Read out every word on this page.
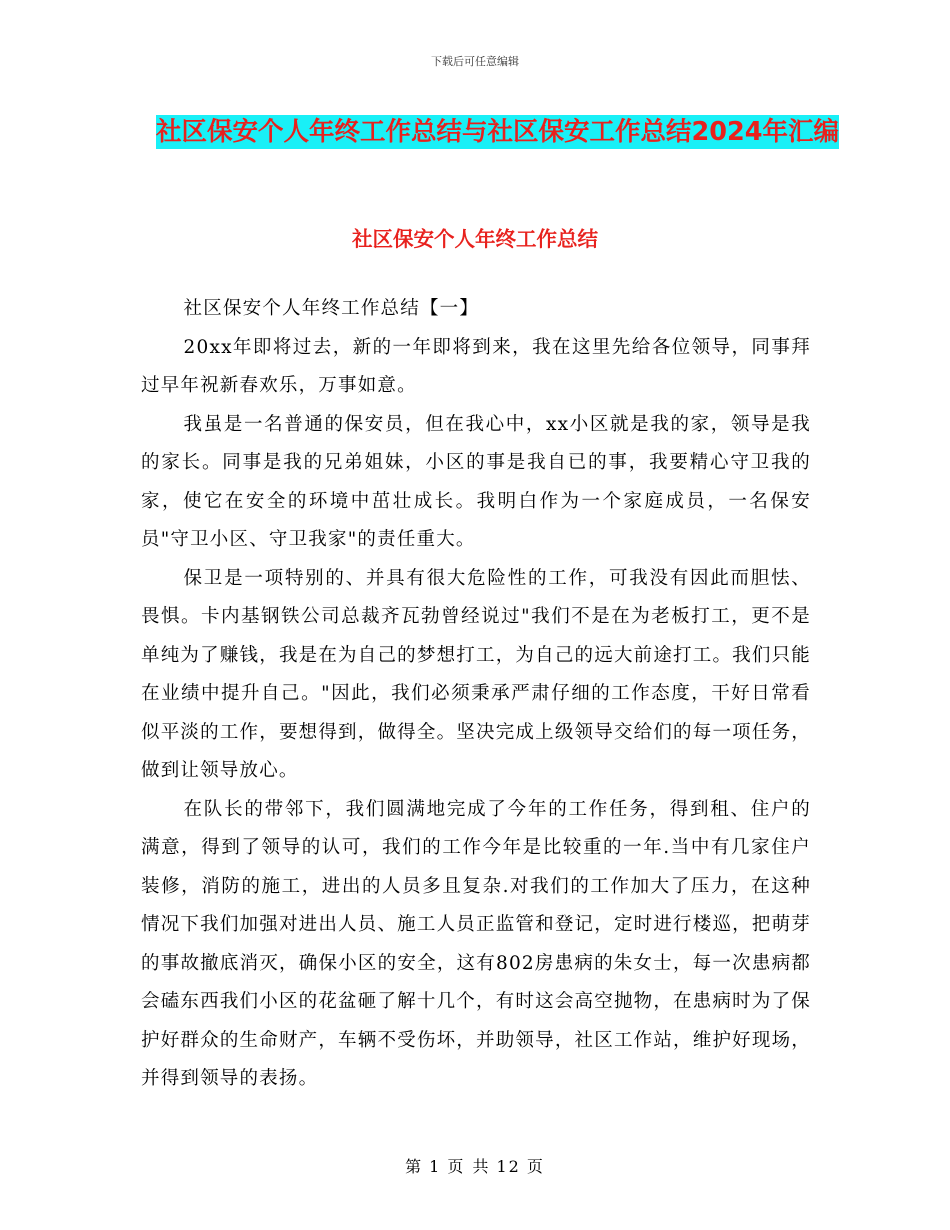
下载后可任意编辑
社区保安个人年终工作总结与社区保安工作总结2024年汇编
社区保安个人年终工作总结

社区保安个人年终工作总结【一】

20xx年即将过去，新的一年即将到来，我在这里先给各位领导，同事拜过早年祝新春欢乐，万事如意。

我虽是一名普通的保安员，但在我心中，xx小区就是我的家，领导是我的家长。同事是我的兄弟姐妹，小区的事是我自已的事，我要精心守卫我的家，使它在安全的环境中茁壮成长。我明白作为一个家庭成员，一名保安员"守卫小区、守卫我家"的责任重大。

保卫是一项特别的、并具有很大危险性的工作，可我没有因此而胆怯、畏惧。卡内基钢铁公司总裁齐瓦勃曾经说过"我们不是在为老板打工，更不是单纯为了赚钱，我是在为自己的梦想打工，为自己的远大前途打工。我们只能在业绩中提升自己。"因此，我们必须秉承严肃仔细的工作态度，干好日常看似平淡的工作，要想得到，做得全。坚决完成上级领导交给们的每一项任务，做到让领导放心。

在队长的带邻下，我们圆满地完成了今年的工作任务，得到租、住户的满意，得到了领导的认可，我们的工作今年是比较重的一年.当中有几家住户装修，消防的施工，进出的人员多且复杂.对我们的工作加大了压力，在这种情况下我们加强对进出人员、施工人员正监管和登记，定时进行楼巡，把萌芽的事故撤底消灭，确保小区的安全，这有802房患病的朱女士，每一次患病都会磕东西我们小区的花盆砸了解十几个，有时这会高空抛物，在患病时为了保护好群众的生命财产，车辆不受伤坏，并助领导，社区工作站，维护好现场，并得到领导的表扬。

第 1 页 共 12 页
